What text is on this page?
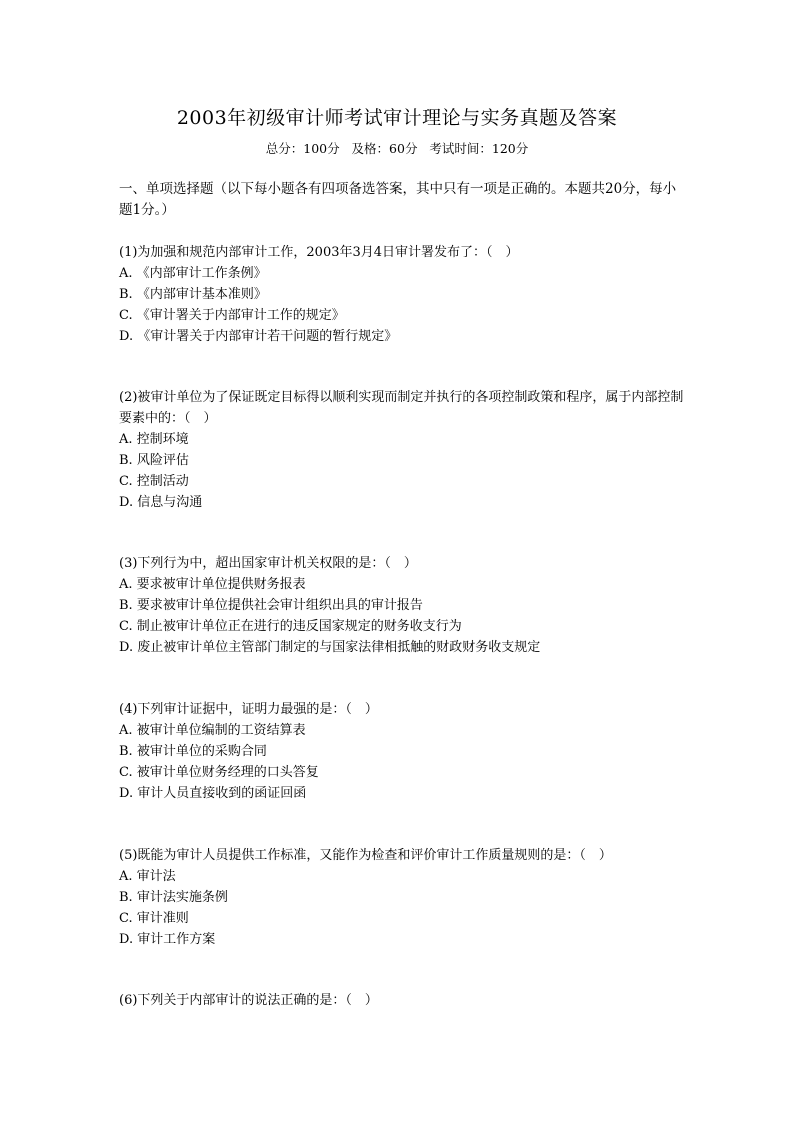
2003年初级审计师考试审计理论与实务真题及答案
总分：100分   及格：60分   考试时间：120分
一、单项选择题（以下每小题各有四项备选答案，其中只有一项是正确的。本题共20分，每小题1分。）
(1)为加强和规范内部审计工作，2003年3月4日审计署发布了：（　）
A. 《内部审计工作条例》
B. 《内部审计基本准则》
C. 《审计署关于内部审计工作的规定》
D. 《审计署关于内部审计若干问题的暂行规定》
(2)被审计单位为了保证既定目标得以顺利实现而制定并执行的各项控制政策和程序，属于内部控制要素中的：（　）
A. 控制环境
B. 风险评估
C. 控制活动
D. 信息与沟通
(3)下列行为中，超出国家审计机关权限的是：（　）
A. 要求被审计单位提供财务报表
B. 要求被审计单位提供社会审计组织出具的审计报告
C. 制止被审计单位正在进行的违反国家规定的财务收支行为
D. 废止被审计单位主管部门制定的与国家法律相抵触的财政财务收支规定
(4)下列审计证据中，证明力最强的是：（　）
A. 被审计单位编制的工资结算表
B. 被审计单位的采购合同
C. 被审计单位财务经理的口头答复
D. 审计人员直接收到的函证回函
(5)既能为审计人员提供工作标准，又能作为检查和评价审计工作质量规则的是：（　）
A. 审计法
B. 审计法实施条例
C. 审计准则
D. 审计工作方案
(6)下列关于内部审计的说法正确的是：（　）
